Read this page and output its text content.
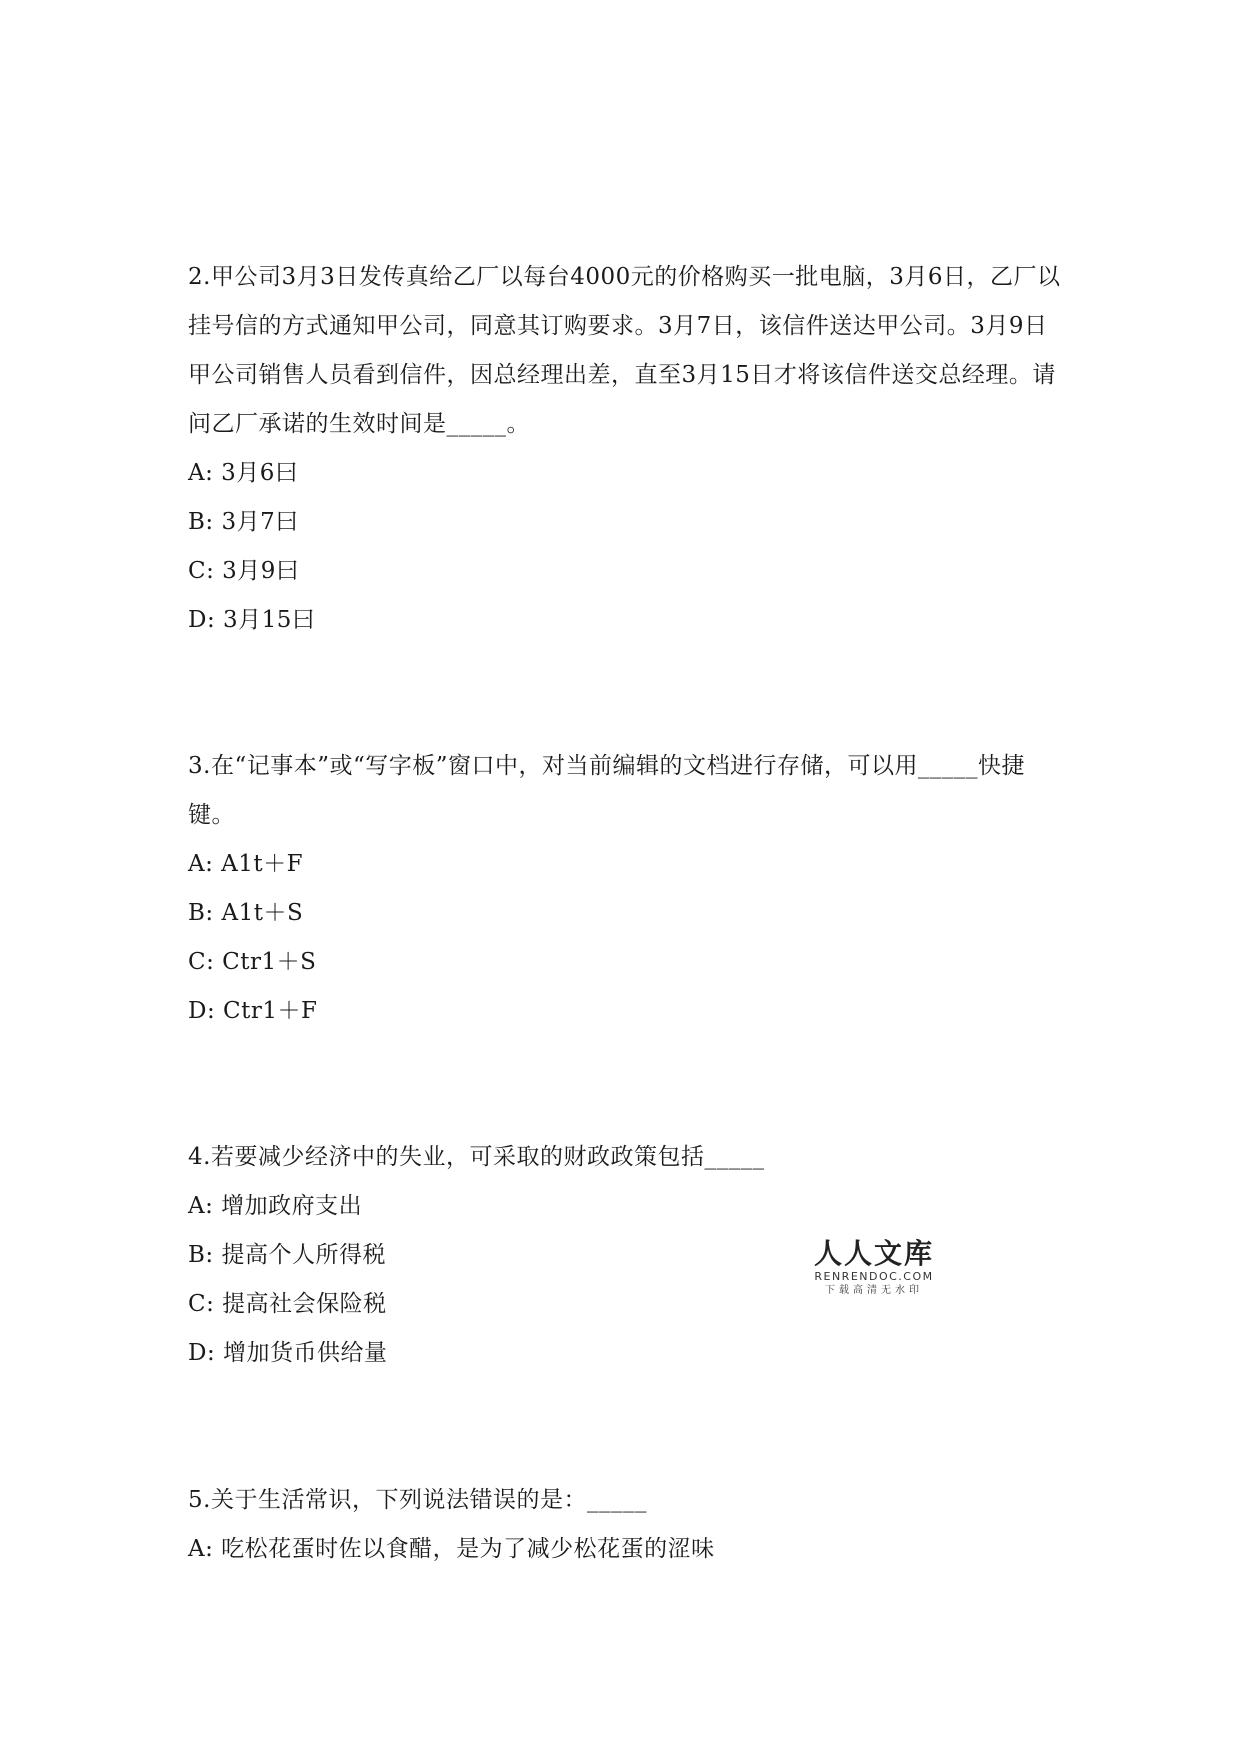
2.甲公司3月3日发传真给乙厂以每台4000元的价格购买一批电脑，3月6日，乙厂以挂号信的方式通知甲公司，同意其订购要求。3月7日，该信件送达甲公司。3月9日甲公司销售人员看到信件，因总经理出差，直至3月15日才将该信件送交总经理。请问乙厂承诺的生效时间是_____。

A: 3月6曰

B: 3月7曰

C: 3月9曰

D: 3月15曰

3.在“记事本”或“写字板”窗口中，对当前编辑的文档进行存储，可以用_____快捷键。

A: A1t＋F

B: A1t＋S

C: Ctr1＋S

D: Ctr1＋F

4.若要减少经济中的失业，可采取的财政政策包括_____

A: 增加政府支出

B: 提高个人所得税

C: 提高社会保险税

D: 增加货币供给量

5.关于生活常识，下列说法错误的是：_____

A: 吃松花蛋时佐以食醋，是为了减少松花蛋的涩味

人人文库
RENRENDOC.COM
下载高清无水印
